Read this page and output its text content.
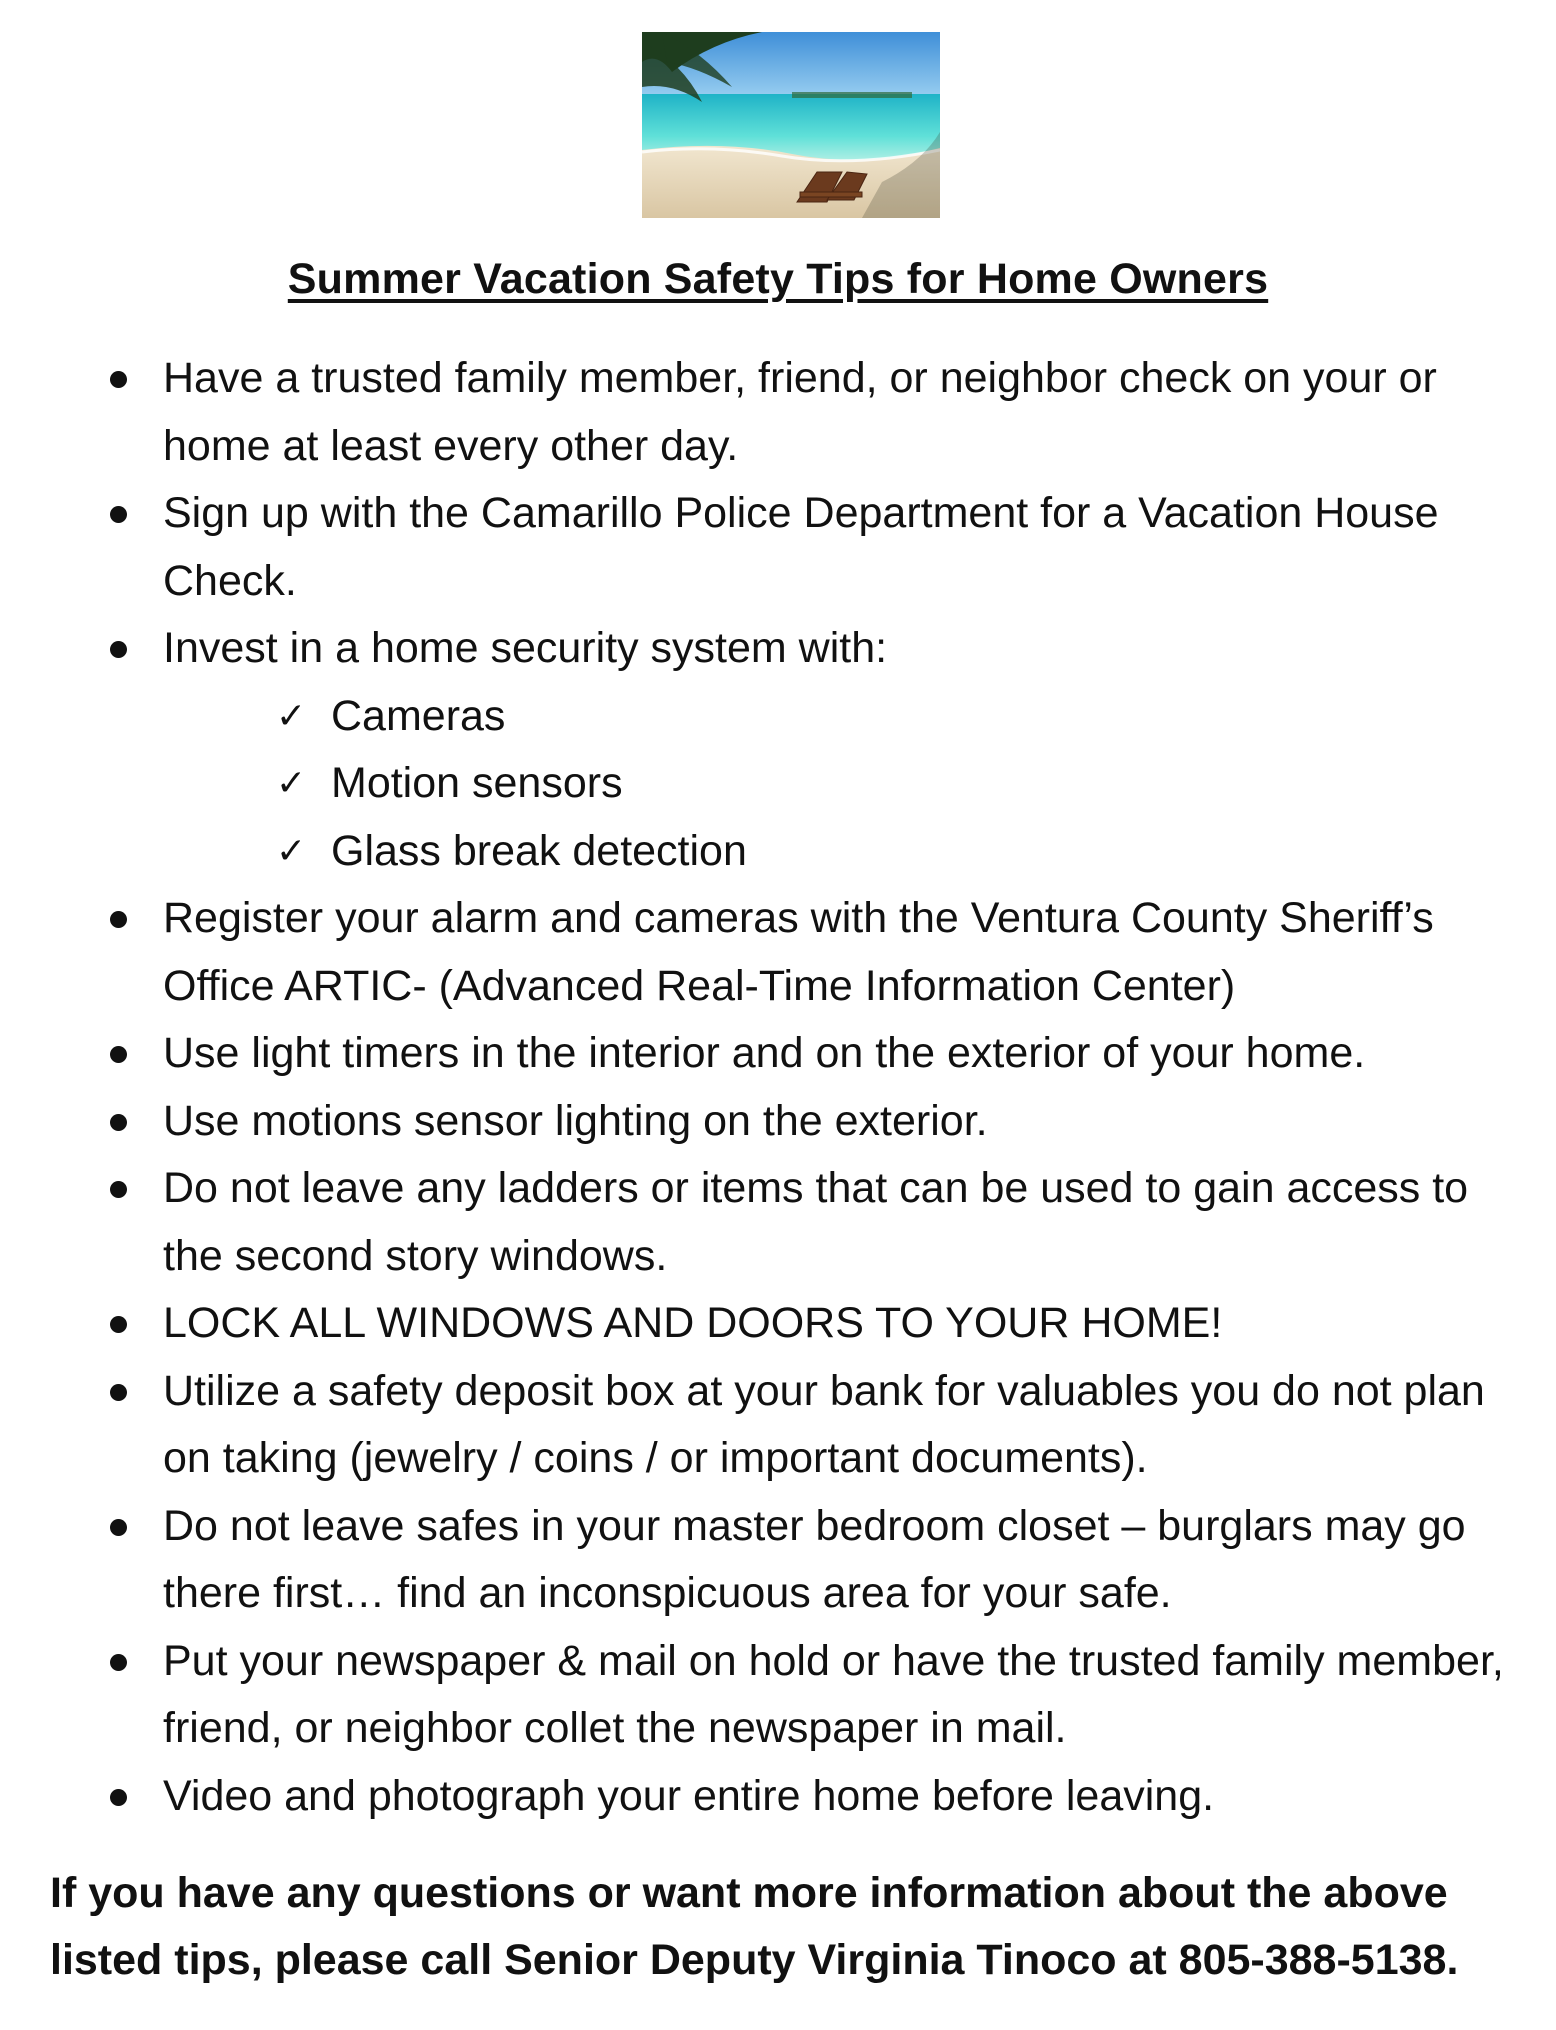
Summer Vacation Safety Tips for Home Owners
Have a trusted family member, friend, or neighbor check on your or home at least every other day.
Sign up with the Camarillo Police Department for a Vacation House Check.
Invest in a home security system with:
✓ Cameras
✓ Motion sensors
✓ Glass break detection
Register your alarm and cameras with the Ventura County Sheriff’s Office ARTIC- (Advanced Real-Time Information Center)
Use light timers in the interior and on the exterior of your home.
Use motions sensor lighting on the exterior.
Do not leave any ladders or items that can be used to gain access to the second story windows.
LOCK ALL WINDOWS AND DOORS TO YOUR HOME!
Utilize a safety deposit box at your bank for valuables you do not plan on taking (jewelry / coins / or important documents).
Do not leave safes in your master bedroom closet – burglars may go there first… find an inconspicuous area for your safe.
Put your newspaper & mail on hold or have the trusted family member, friend, or neighbor collet the newspaper in mail.
Video and photograph your entire home before leaving.
If you have any questions or want more information about the above listed tips, please call Senior Deputy Virginia Tinoco at 805-388-5138.
